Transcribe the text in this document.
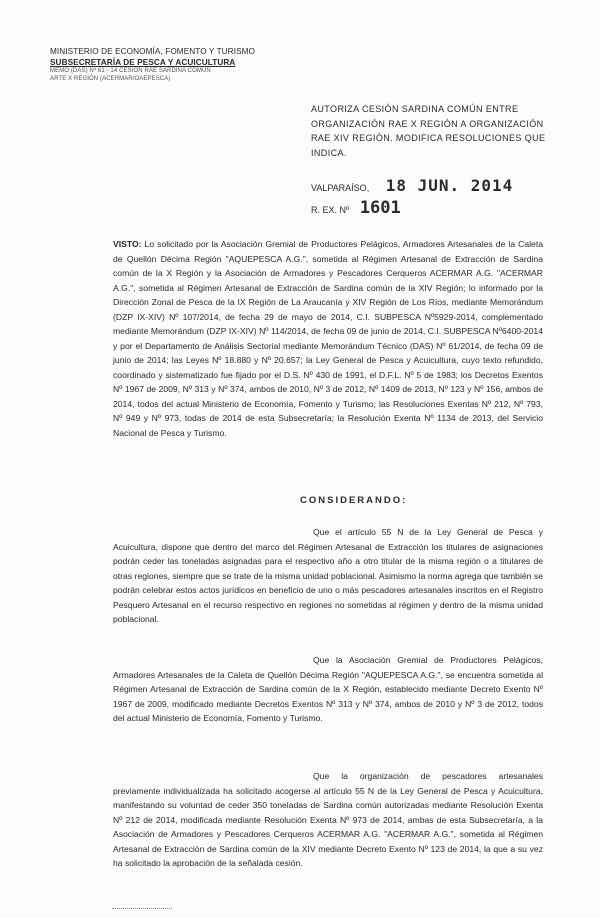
MINISTERIO DE ECONOMÍA, FOMENTO Y TURISMO
SUBSECRETARÍA DE PESCA Y ACUICULTURA
MEMO (DAS) Nº 61 - 14 CESIÓN RAE SARDINA COMÚN
ARTE X REGIÓN (ACERMAR/OAEPESCA)
AUTORIZA CESIÓN SARDINA COMÚN ENTRE ORGANIZACIÓN RAE X REGIÓN A ORGANIZACIÓN RAE XIV REGIÓN. MODIFICA RESOLUCIONES QUE INDICA.
VALPARAÍSO, 18 JUN. 2014
R. EX. Nº 1601
VISTO: Lo solicitado por la Asociación Gremial de Productores Pelágicos, Armadores Artesanales de la Caleta de Quellón Décima Región "AQUEPESCA A.G.", sometida al Régimen Artesanal de Extracción de Sardina común de la X Región y la Asociación de Armadores y Pescadores Cerqueros ACERMAR A.G. "ACERMAR A.G.", sometida al Régimen Artesanal de Extracción de Sardina común de la XIV Región; lo informado por la Dirección Zonal de Pesca de la IX Región de La Araucanía y XIV Región de Los Ríos, mediante Memorándum (DZP IX-XIV) Nº 107/2014, de fecha 29 de mayo de 2014, C.I. SUBPESCA Nº5929-2014, complementado mediante Memorándum (DZP IX-XIV) Nº 114/2014, de fecha 09 de junio de 2014, C.I. SUBPESCA Nº6400-2014 y por el Departamento de Análisis Sectorial mediante Memorándum Técnico (DAS) Nº 61/2014, de fecha 09 de junio de 2014; las Leyes Nº 18.880 y Nº 20.657; la Ley General de Pesca y Acuicultura, cuyo texto refundido, coordinado y sistematizado fue fijado por el D.S. Nº 430 de 1991, el D.F.L. Nº 5 de 1983; los Decretos Exentos Nº 1967 de 2009, Nº 313 y Nº 374, ambos de 2010, Nº 3 de 2012, Nº 1409 de 2013, Nº 123 y Nº 156, ambos de 2014, todos del actual Ministerio de Economía, Fomento y Turismo; las Resoluciones Exentas Nº 212, Nº 793, Nº 949 y Nº 973, todas de 2014 de esta Subsecretaría; la Resolución Exenta Nº 1134 de 2013, del Servicio Nacional de Pesca y Turismo.
CONSIDERANDO:
Que el artículo 55 N de la Ley General de Pesca y Acuicultura, dispone que dentro del marco del Régimen Artesanal de Extracción los titulares de asignaciones podrán ceder las toneladas asignadas para el respectivo año a otro titular de la misma región o a titulares de otras regiones, siempre que se trate de la misma unidad poblacional. Asimismo la norma agrega que también se podrán celebrar estos actos jurídicos en beneficio de uno o más pescadores artesanales inscritos en el Registro Pesquero Artesanal en el recurso respectivo en regiones no sometidas al régimen y dentro de la misma unidad poblacional.
Que la Asociación Gremial de Productores Pelágicos, Armadores Artesanales de la Caleta de Quellón Décima Región "AQUEPESCA A.G.", se encuentra sometida al Régimen Artesanal de Extracción de Sardina común de la X Región, establecido mediante Decreto Exento Nº 1967 de 2009, modificado mediante Decretos Exentos Nº 313 y Nº 374, ambos de 2010 y Nº 3 de 2012, todos del actual Ministerio de Economía, Fomento y Turismo.
Que la organización de pescadores artesanales previamente individualizada ha solicitado acogerse al artículo 55 N de la Ley General de Pesca y Acuicultura, manifestando su voluntad de ceder 350 toneladas de Sardina común autorizadas mediante Resolución Exenta Nº 212 de 2014, modificada mediante Resolución Exenta Nº 973 de 2014, ambas de esta Subsecretaría, a la Asociación de Armadores y Pescadores Cerqueros ACERMAR A.G. "ACERMAR A.G.", sometida al Régimen Artesanal de Extracción de Sardina común de la XIV mediante Decreto Exento Nº 123 de 2014, la que a su vez ha solicitado la aprobación de la señalada cesión.
